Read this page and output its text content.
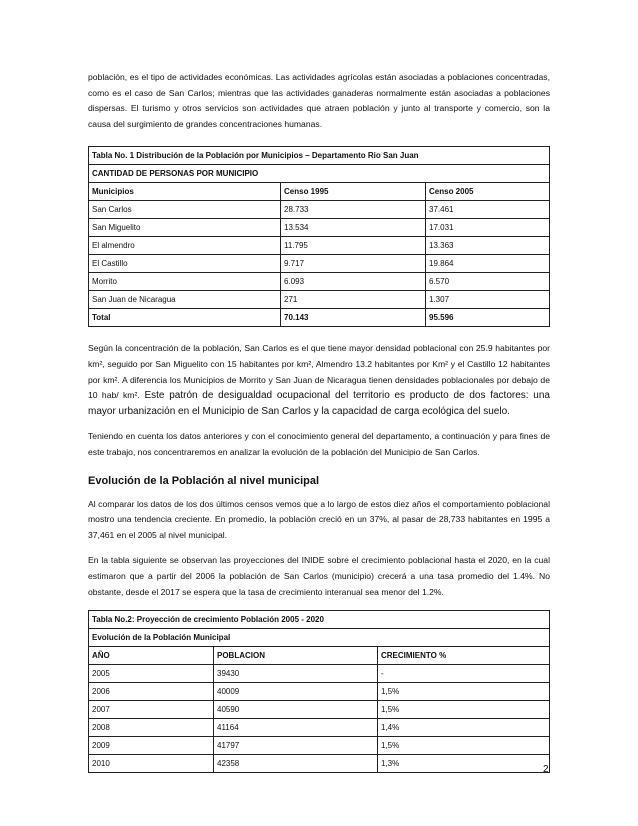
población, es el tipo de actividades económicas. Las actividades agrícolas están asociadas a poblaciones concentradas, como es el caso de San Carlos; mientras que las actividades ganaderas normalmente están asociadas a poblaciones dispersas. El turismo y otros servicios son actividades que atraen población y junto al transporte y comercio, son la causa del surgimiento de grandes concentraciones humanas.

Tabla No. 1 Distribución de la Población por Municipios – Departamento Rio San Juan		
CANTIDAD DE PERSONAS POR MUNICIPIO		
Municipios	Censo 1995	Censo 2005
San Carlos	28.733	37.461
San Miguelito	13.534	17.031
El almendro	11.795	13.363
El Castillo	9.717	19.864
Morrito	6.093	6.570
San Juan de Nicaragua	271	1.307
Total	70.143	95.596

Según la concentración de la población, San Carlos es el que tiene mayor densidad poblacional con 25.9 habitantes por km², seguido por San Miguelito con 15 habitantes por km², Almendro 13.2 habitantes por Km² y el Castillo 12 habitantes por km². A diferencia los Municipios de Morrito y San Juan de Nicaragua tienen densidades poblacionales por debajo de 10 hab/ km². Este patrón de desigualdad ocupacional del territorio es producto de dos factores: una mayor urbanización en el Municipio de San Carlos y la capacidad de carga ecológica del suelo.

Teniendo en cuenta los datos anteriores y con el conocimiento general del departamento, a continuación y para fines de este trabajo, nos concentraremos en analizar la evolución de la población del Municipio de San Carlos.

Evolución de la Población al nivel municipal

Al comparar los datos de los dos últimos censos vemos que a lo largo de estos diez años el comportamiento poblacional mostro una tendencia creciente. En promedio, la población creció en un 37%, al pasar de 28,733 habitantes en 1995 a 37,461 en el 2005 al nivel municipal.

En la tabla siguiente se observan las proyecciones del INIDE sobre el crecimiento poblacional hasta el 2020, en la cual estimaron que a partir del 2006 la población de San Carlos (municipio) crecerá a una tasa promedio del 1.4%. No obstante, desde el 2017 se espera que la tasa de crecimiento interanual sea menor del 1.2%.

Tabla No.2: Proyección de crecimiento Población 2005 - 2020		
Evolución de la Población Municipal		
AÑO	POBLACION	CRECIMIENTO %
2005	39430	-
2006	40009	1,5%
2007	40590	1,5%
2008	41164	1,4%
2009	41797	1,5%
2010	42358	1,3%
2
